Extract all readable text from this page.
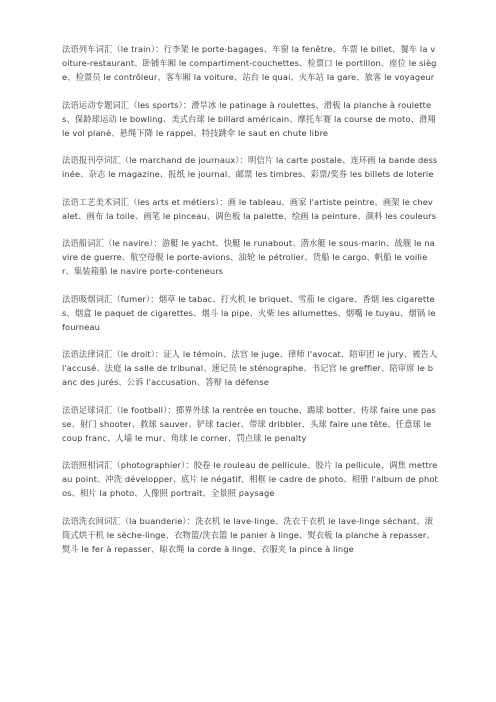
法语列车词汇（le train）：行李架 le porte-bagages、车窗 la fenêtre、车票 le billet、餐车 la voiture-restaurant、卧铺车厢 le compartiment-couchettes、检票口 le portillon、座位 le siège、检票员 le contrôleur、客车厢 la voiture、站台 le quai、火车站 la gare、旅客 le voyageur

法语运动专题词汇（les sports）：滑旱冰 le patinage à roulettes、滑板 la planche à roulettes、保龄球运动 le bowling、美式台球 le billard américain、摩托车赛 la course de moto、滑翔 le vol plané、悬绳下降 le rappel、特技跳伞 le saut en chute libre

法语报刊亭词汇（le marchand de journaux）：明信片 la carte postale、连环画 la bande dessinée、杂志 le magazine、报纸 le journal、邮票 les timbres、彩票/奖券 les billets de loterie

法语工艺美术词汇（les arts et métiers）：画 le tableau、画家 l'artiste peintre、画架 le chevalet、画布 la toile、画笔 le pinceau、调色板 la palette、绘画 la peinture、颜料 les couleurs

法语船词汇（le navire）：游艇 le yacht、快艇 le runabout、潜水艇 le sous-marin、战舰 le navire de guerre、航空母舰 le porte-avions、油轮 le pétrolier、货船 le cargo、帆船 le voilier、集装箱船 le navire porte-conteneurs

法语吸烟词汇（fumer）：烟草 le tabac、打火机 le briquet、雪茄 le cigare、香烟 les cigarettes、烟盒 le paquet de cigarettes、烟斗 la pipe、火柴 les allumettes、烟嘴 le tuyau、烟锅 le fourneau

法语法律词汇（le droit）：证人 le témoin、法官 le juge、律师 l'avocat、陪审团 le jury、被告人 l'accusé、法庭 la salle de tribunal、速记员 le sténographe、书记官 le greffier、陪审席 le banc des jurés、公诉 l'accusation、答辩 la défense

法语足球词汇（le football）：掷界外球 la rentrée en touche、踢球 botter、传球 faire une passe、射门 shooter、救球 sauver、铲球 tacler、带球 dribbler、头球 faire une tête、任意球 le coup franc、人墙 le mur、角球 le corner、罚点球 le penalty

法语照相词汇（photographier）：胶卷 le rouleau de pellicule、胶片 la pellicule、调焦 mettre au point、冲洗 développer、底片 le négatif、相框 le cadre de photo、相册 l'album de photos、相片 la photo、人像照 portrait、全景照 paysage

法语洗衣间词汇（la buanderie）：洗衣机 le lave-linge、洗衣干衣机 le lave-linge séchant、滚筒式烘干机 le sèche-linge、衣物篮/洗衣篮 le panier à linge、熨衣板 la planche à repasser、熨斗 le fer à repasser、晾衣绳 la corde à linge、衣服夹 la pince à linge
